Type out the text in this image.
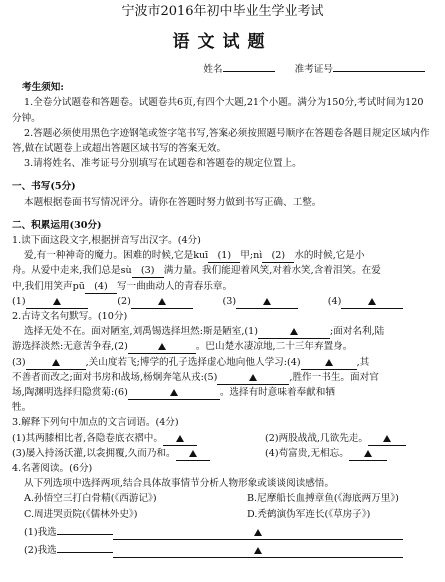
宁波市2016年初中毕业生学业考试
语文试题
姓名	准考证号
考生须知:

1.全卷分试题卷和答题卷。试题卷共6页,有四个大题,21个小题。满分为150分,考试时间为120分钟。

2.答题必须使用黑色字迹钢笔或签字笔书写,答案必须按照题号顺序在答题卷各题目规定区域内作答,做在试题卷上或超出答题区域书写的答案无效。

3.请将姓名、准考证号分别填写在试题卷和答题卷的规定位置上。

一、书写(5分)

本题根据卷面书写情况评分。请你在答题时努力做到书写正确、工整。

二、积累运用(30分)

1.读下面这段文字,根据拼音写出汉字。(4分)

爱,有一种神奇的魔力。困难的时候,它是kuī (1) 甲;nì (2) 水的时候,它是小

舟。从爱中走来,我们总是sù (3) 满力量。我们能迎着风笑,对着水笑,含着泪笑。在爱

中,我们用笑声pū (4) 写一曲曲动人的青春乐章。

(1)	(2)	(3)	(4)

2.古诗文名句默写。(10分)

选择无处不在。面对陋室,刘禹锡选择坦然:斯是陋室,(1)	;面对名利,陆

游选择淡然:无意苦争春,(2)	。巴山楚水凄凉地,二十三年弃置身。

(3)	,关山度若飞;博学的孔子选择虚心地向他人学习:(4)	,其

不善者而改之;面对书房和战场,杨炯奔笔从戎:(5)	,胜作一书生。面对官

场,陶渊明选择归隐赏菊:(6)	。选择有时意味着奉献和牺

牲。

3.解释下列句中加点的文言词语。(4分)

(1)其两膝相比者,各隐卷底衣褶中。	(2)两股战战,几欲先走。
(3)屡入持汤沃灌,以衾拥覆,久而乃和。	(4)苟富贵,无相忘。

4.名著阅读。(6分)

从下列选项中选择两项,结合具体故事情节分析人物形象或谈谈阅读感悟。

A.孙悟空三打白骨精(《西游记》)	B.尼摩船长血搏章鱼(《海底两万里》)
C.周进哭贡院(《儒林外史》)	D.秃鹤演伪军连长(《草房子》)

(1)我选

(2)我选
